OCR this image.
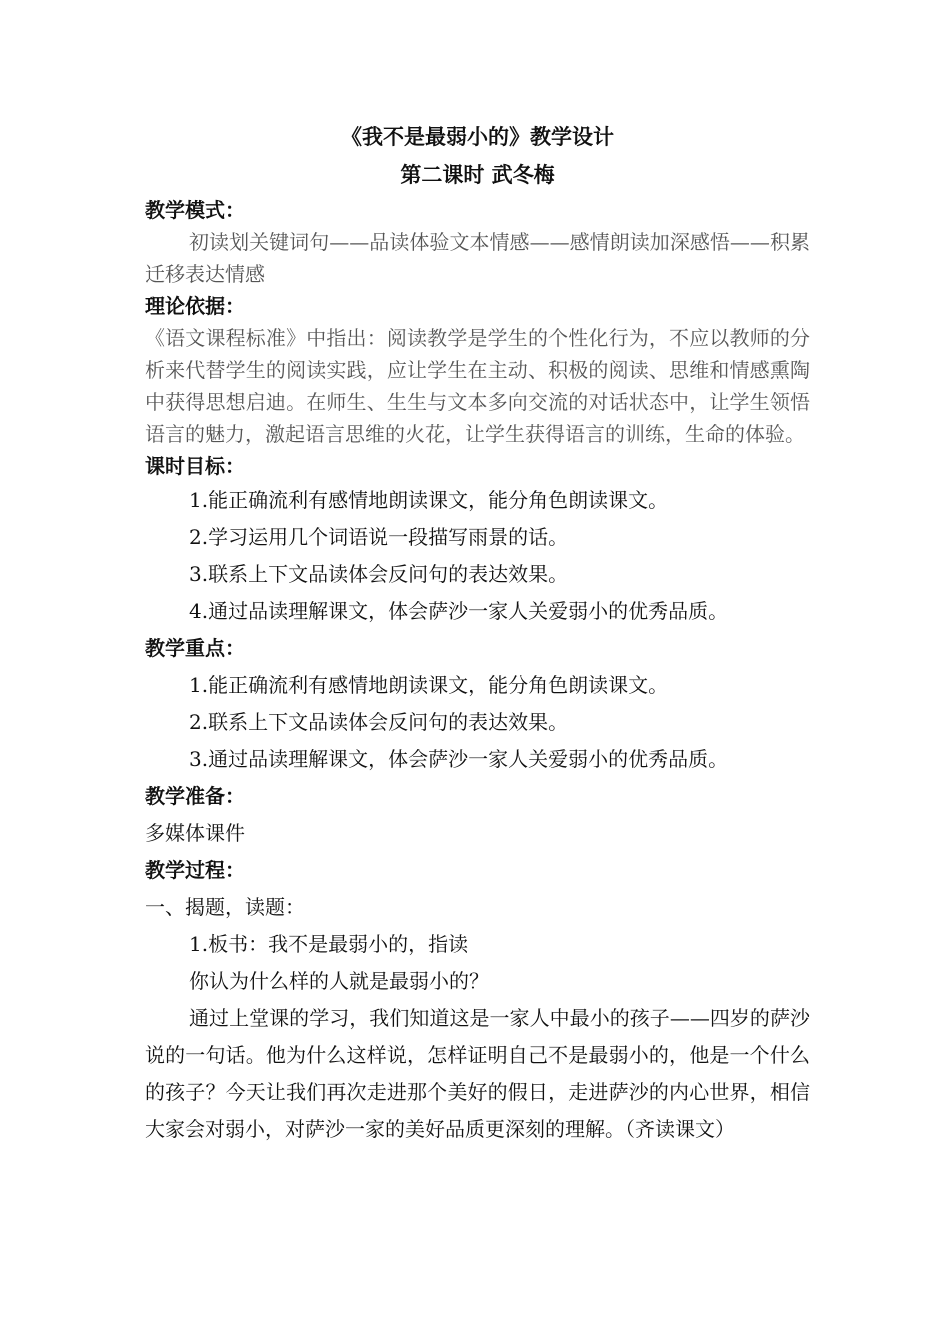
《我不是最弱小的》教学设计

第二课时 武冬梅

教学模式：

初读划关键词句——品读体验文本情感——感情朗读加深感悟——积累迁移表达情感

理论依据：

《语文课程标准》中指出：阅读教学是学生的个性化行为，不应以教师的分析来代替学生的阅读实践，应让学生在主动、积极的阅读、思维和情感熏陶中获得思想启迪。在师生、生生与文本多向交流的对话状态中，让学生领悟语言的魅力，激起语言思维的火花，让学生获得语言的训练，生命的体验。

课时目标：

1.能正确流利有感情地朗读课文，能分角色朗读课文。

2.学习运用几个词语说一段描写雨景的话。

3.联系上下文品读体会反问句的表达效果。

4.通过品读理解课文，体会萨沙一家人关爱弱小的优秀品质。

教学重点：

1.能正确流利有感情地朗读课文，能分角色朗读课文。

2.联系上下文品读体会反问句的表达效果。

3.通过品读理解课文，体会萨沙一家人关爱弱小的优秀品质。

教学准备：

多媒体课件

教学过程：

一、揭题，读题：

1.板书：我不是最弱小的，指读

你认为什么样的人就是最弱小的？

通过上堂课的学习，我们知道这是一家人中最小的孩子——四岁的萨沙说的一句话。他为什么这样说，怎样证明自己不是最弱小的，他是一个什么的孩子？今天让我们再次走进那个美好的假日，走进萨沙的内心世界，相信大家会对弱小，对萨沙一家的美好品质更深刻的理解。（齐读课文）
